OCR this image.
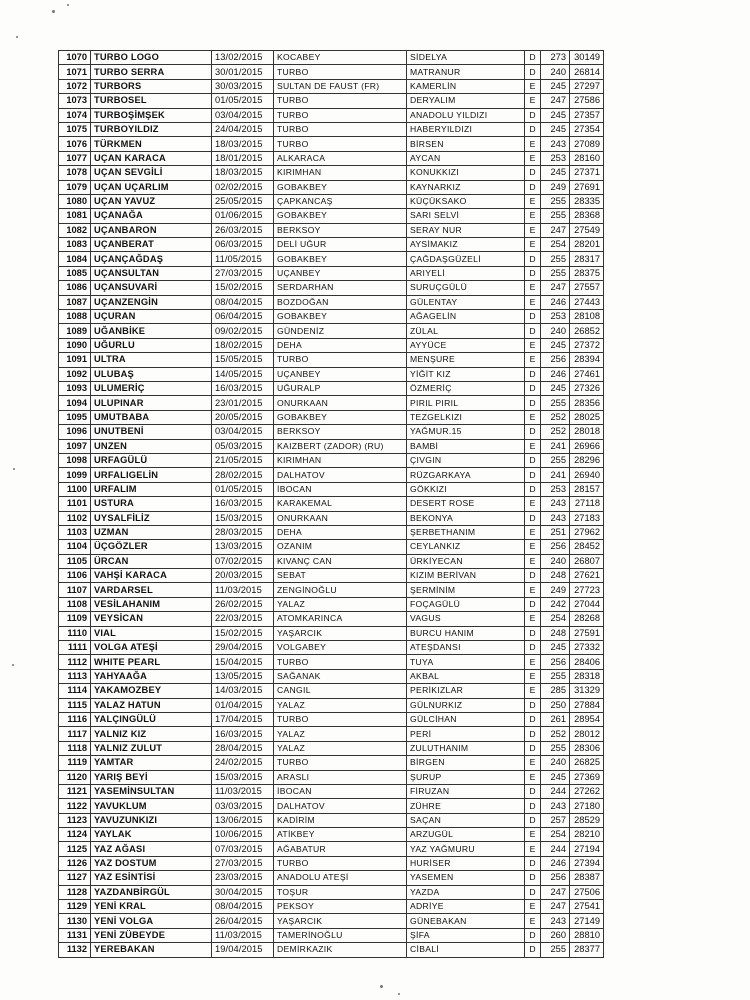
1070	TURBO LOGO	13/02/2015	KOCABEY	SİDELYA	D	273	30149
1071	TURBO SERRA	30/01/2015	TURBO	MATRANUR	D	240	26814
1072	TURBORS	30/03/2015	SULTAN DE FAUST (FR)	KAMERLİN	E	245	27297
1073	TURBOSEL	01/05/2015	TURBO	DERYALIM	E	247	27586
1074	TURBOŞİMŞEK	03/04/2015	TURBO	ANADOLU YILDIZI	D	245	27357
1075	TURBOYILDIZ	24/04/2015	TURBO	HABERYILDIZI	D	245	27354
1076	TÜRKMEN	18/03/2015	TURBO	BİRSEN	E	243	27089
1077	UÇAN KARACA	18/01/2015	ALKARACA	AYCAN	E	253	28160
1078	UÇAN SEVGİLİ	18/03/2015	KIRIMHAN	KONUKKIZI	D	245	27371
1079	UÇAN UÇARLIM	02/02/2015	GOBAKBEY	KAYNARKIZ	D	249	27691
1080	UÇAN YAVUZ	25/05/2015	ÇAPKANCAŞ	KÜÇÜKSAKO	E	255	28335
1081	UÇANAĞA	01/06/2015	GOBAKBEY	SARI SELVİ	E	255	28368
1082	UÇANBARON	26/03/2015	BERKSOY	SERAY NUR	E	247	27549
1083	UÇANBERAT	06/03/2015	DELİ UĞUR	AYSİMAKIZ	E	254	28201
1084	UÇANÇAĞDAŞ	11/05/2015	GOBAKBEY	ÇAĞDAŞGÜZELİ	D	255	28317
1085	UÇANSULTAN	27/03/2015	UÇANBEY	ARIYELİ	D	255	28375
1086	UÇANSUVARİ	15/02/2015	SERDARHAN	SURUÇGÜLÜ	E	247	27557
1087	UÇANZENGİN	08/04/2015	BOZDOĞAN	GÜLENTAY	E	246	27443
1088	UÇURAN	06/04/2015	GOBAKBEY	AĞAGELİN	D	253	28108
1089	UĞANBİKE	09/02/2015	GÜNDENİZ	ZÜLAL	D	240	26852
1090	UĞURLU	18/02/2015	DEHA	AYYÜCE	E	245	27372
1091	ULTRA	15/05/2015	TURBO	MENŞURE	E	256	28394
1092	ULUBAŞ	14/05/2015	UÇANBEY	YİĞİT KIZ	D	246	27461
1093	ULUMERİÇ	16/03/2015	UĞURALP	ÖZMERİÇ	D	245	27326
1094	ULUPINAR	23/01/2015	ONURKAAN	PIRIL PIRIL	D	255	28356
1095	UMUTBABA	20/05/2015	GOBAKBEY	TEZGELKIZI	E	252	28025
1096	UNUTBENİ	03/04/2015	BERKSOY	YAĞMUR.15	D	252	28018
1097	UNZEN	05/03/2015	KAIZBERT (ZADOR) (RU)	BAMBİ	E	241	26966
1098	URFAGÜLÜ	21/05/2015	KIRIMHAN	ÇIVGIN	D	255	28296
1099	URFALIGELİN	28/02/2015	DALHATOV	RÜZGARKAYA	D	241	26940
1100	URFALIM	01/05/2015	İBOCAN	GÖKKIZI	D	253	28157
1101	USTURA	16/03/2015	KARAKEMAL	DESERT ROSE	E	243	27118
1102	UYSALFİLİZ	15/03/2015	ONURKAAN	BEKONYA	D	243	27183
1103	UZMAN	28/03/2015	DEHA	ŞERBETHANIM	E	251	27962
1104	ÜÇGÖZLER	13/03/2015	OZANIM	CEYLANKIZ	E	256	28452
1105	ÜRCAN	07/02/2015	KIVANÇ CAN	ÜRKİYECAN	E	240	26807
1106	VAHŞİ KARACA	20/03/2015	SEBAT	KIZIM BERİVAN	D	248	27621
1107	VARDARSEL	11/03/2015	ZENGİNOĞLU	ŞERMİNİM	E	249	27723
1108	VESİLAHANIM	26/02/2015	YALAZ	FOÇAGÜLÜ	D	242	27044
1109	VEYSİCAN	22/03/2015	ATOMKARINCA	VAGUS	E	254	28268
1110	VIAL	15/02/2015	YAŞARCIK	BURCU HANIM	D	248	27591
1111	VOLGA ATEŞİ	29/04/2015	VOLGABEY	ATEŞDANSI	D	245	27332
1112	WHITE PEARL	15/04/2015	TURBO	TUYA	E	256	28406
1113	YAHYAAĞA	13/05/2015	SAĞANAK	AKBAL	E	255	28318
1114	YAKAMOZBEY	14/03/2015	CANGIL	PERİKIZLAR	E	285	31329
1115	YALAZ HATUN	01/04/2015	YALAZ	GÜLNURKIZ	D	250	27884
1116	YALÇINGÜLÜ	17/04/2015	TURBO	GÜLCİHAN	D	261	28954
1117	YALNIZ KIZ	16/03/2015	YALAZ	PERİ	D	252	28012
1118	YALNIZ ZULUT	28/04/2015	YALAZ	ZULUTHANIM	D	255	28306
1119	YAMTAR	24/02/2015	TURBO	BİRGEN	E	240	26825
1120	YARIŞ BEYİ	15/03/2015	ARASLI	ŞURUP	E	245	27369
1121	YASEMİNSULTAN	11/03/2015	İBOCAN	FİRUZAN	D	244	27262
1122	YAVUKLUM	03/03/2015	DALHATOV	ZÜHRE	D	243	27180
1123	YAVUZUNKIZI	13/06/2015	KADİRİM	SAÇAN	D	257	28529
1124	YAYLAK	10/06/2015	ATİKBEY	ARZUGÜL	E	254	28210
1125	YAZ AĞASI	07/03/2015	AĞABATUR	YAZ YAĞMURU	E	244	27194
1126	YAZ DOSTUM	27/03/2015	TURBO	HURİSER	D	246	27394
1127	YAZ ESİNTİSİ	23/03/2015	ANADOLU ATEŞİ	YASEMEN	D	256	28387
1128	YAZDANBİRGÜL	30/04/2015	TOŞUR	YAZDA	D	247	27506
1129	YENİ KRAL	08/04/2015	PEKSOY	ADRİYE	E	247	27541
1130	YENİ VOLGA	26/04/2015	YAŞARCIK	GÜNEBAKAN	E	243	27149
1131	YENİ ZÜBEYDE	11/03/2015	TAMERİNOĞLU	ŞİFA	D	260	28810
1132	YEREBAKAN	19/04/2015	DEMİRKAZIK	CİBALİ	D	255	28377
